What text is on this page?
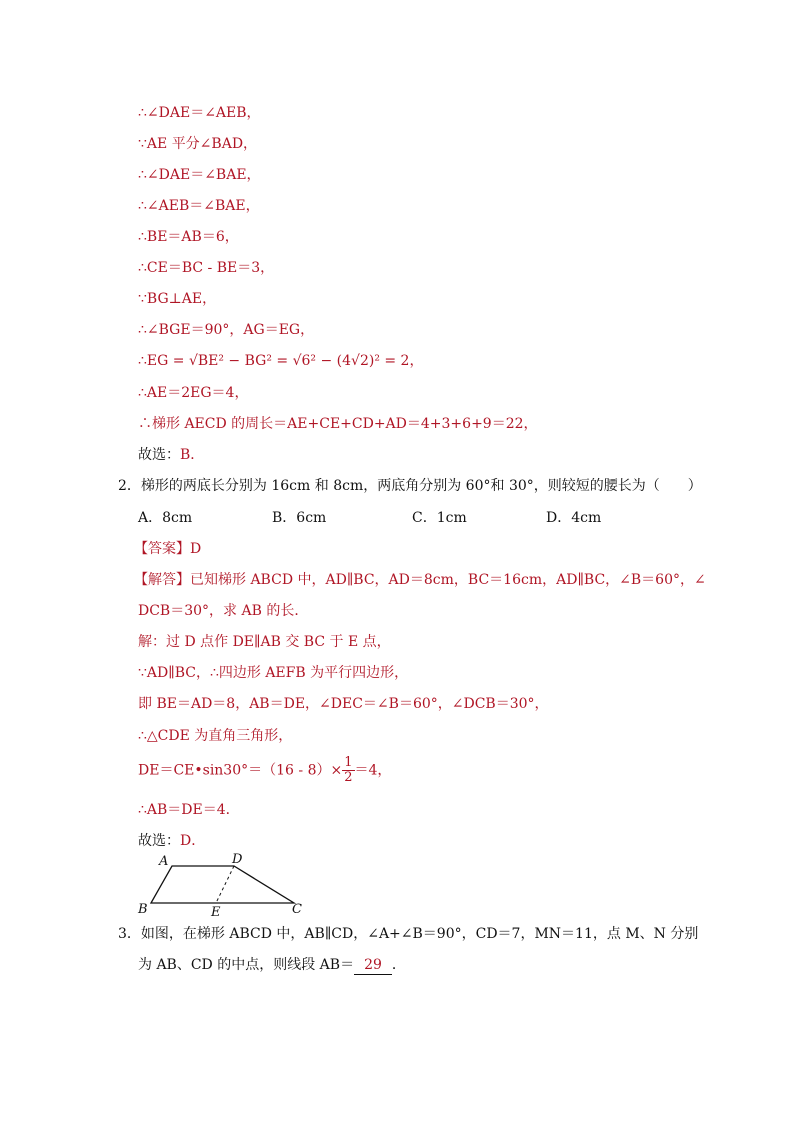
∴∠DAE＝∠AEB，
∵AE 平分∠BAD，
∴∠DAE＝∠BAE，
∴∠AEB＝∠BAE，
∴BE＝AB＝6，
∴CE＝BC - BE＝3，
∵BG⊥AE，
∴∠BGE＝90°，AG＝EG，
∴EG = √BE² − BG² = √6² − (4√2)² = 2，
∴AE＝2EG＝4，
∴梯形 AECD 的周长＝AE+CE+CD+AD＝4+3+6+9＝22，
故选：B．
2．梯形的两底长分别为 16cm 和 8cm，两底角分别为 60°和 30°，则较短的腰长为（　　）
A．8cm	B．6cm	C．1cm	D．4cm
【答案】D
【解答】已知梯形 ABCD 中，AD∥BC，AD＝8cm，BC＝16cm，AD∥BC，∠B＝60°，∠
DCB＝30°，求 AB 的长．
解：过 D 点作 DE∥AB 交 BC 于 E 点，
∵AD∥BC，∴四边形 AEFB 为平行四边形，
即 BE＝AD＝8，AB＝DE，∠DEC＝∠B＝60°，∠DCB＝30°，
∴△CDE 为直角三角形，
DE＝CE•sin30°＝（16 - $8)\times \frac{1}{2} =4$，
∴AB＝DE＝4．
故选：D．
A	D
B	E	C
3．如图，在梯形 ABCD 中，AB∥CD，∠A+∠B＝90°，CD＝7，MN＝11，点 M、N 分别
为 AB、CD 的中点，则线段 AB＝ 29 ．
